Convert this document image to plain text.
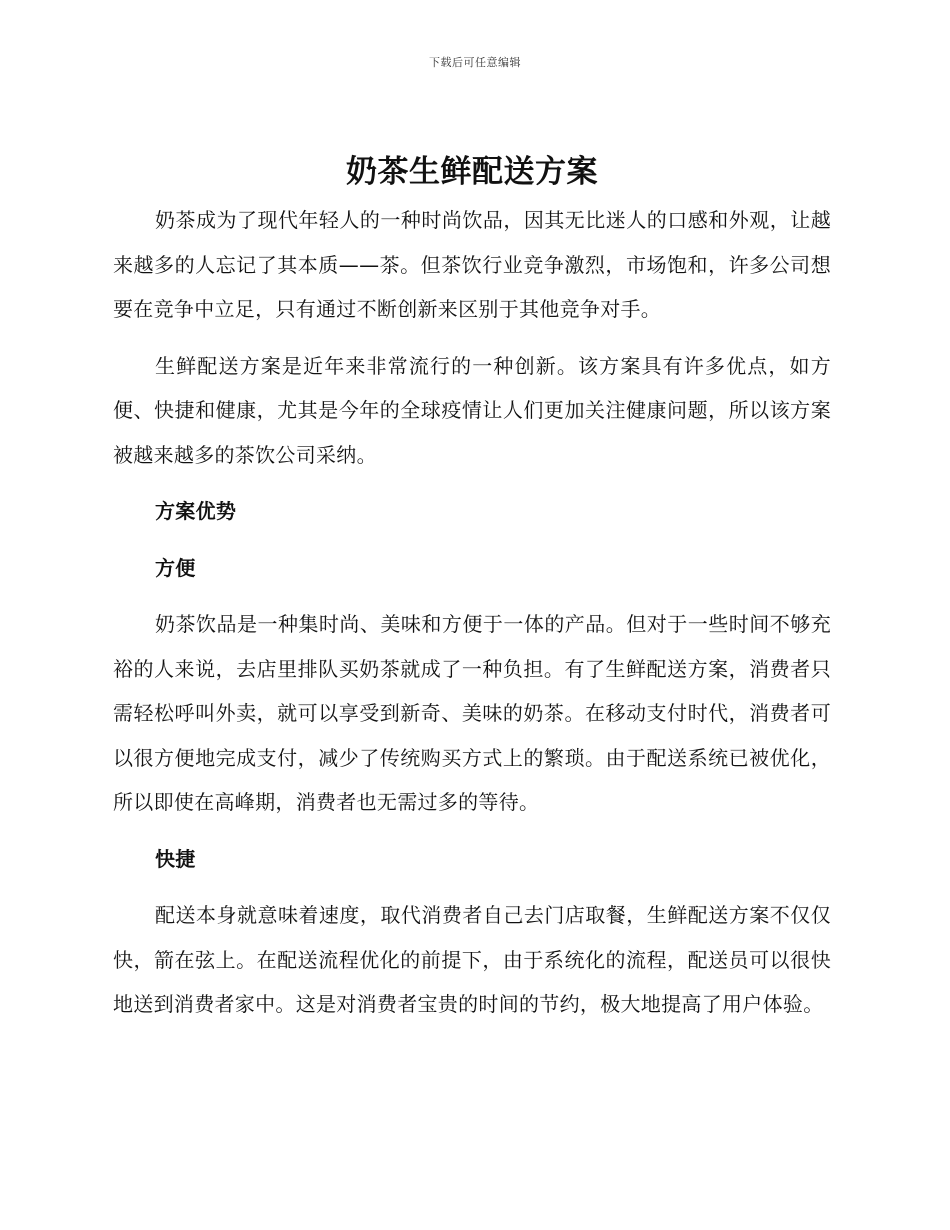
下载后可任意编辑
奶茶生鲜配送方案

奶茶成为了现代年轻人的一种时尚饮品，因其无比迷人的口感和外观，让越来越多的人忘记了其本质——茶。但茶饮行业竞争激烈，市场饱和，许多公司想要在竞争中立足，只有通过不断创新来区别于其他竞争对手。

生鲜配送方案是近年来非常流行的一种创新。该方案具有许多优点，如方便、快捷和健康，尤其是今年的全球疫情让人们更加关注健康问题，所以该方案被越来越多的茶饮公司采纳。

方案优势
方便

奶茶饮品是一种集时尚、美味和方便于一体的产品。但对于一些时间不够充裕的人来说，去店里排队买奶茶就成了一种负担。有了生鲜配送方案，消费者只需轻松呼叫外卖，就可以享受到新奇、美味的奶茶。在移动支付时代，消费者可以很方便地完成支付，减少了传统购买方式上的繁琐。由于配送系统已被优化，所以即使在高峰期，消费者也无需过多的等待。

快捷

配送本身就意味着速度，取代消费者自己去门店取餐，生鲜配送方案不仅仅快，箭在弦上。在配送流程优化的前提下，由于系统化的流程，配送员可以很快地送到消费者家中。这是对消费者宝贵的时间的节约，极大地提高了用户体验。
